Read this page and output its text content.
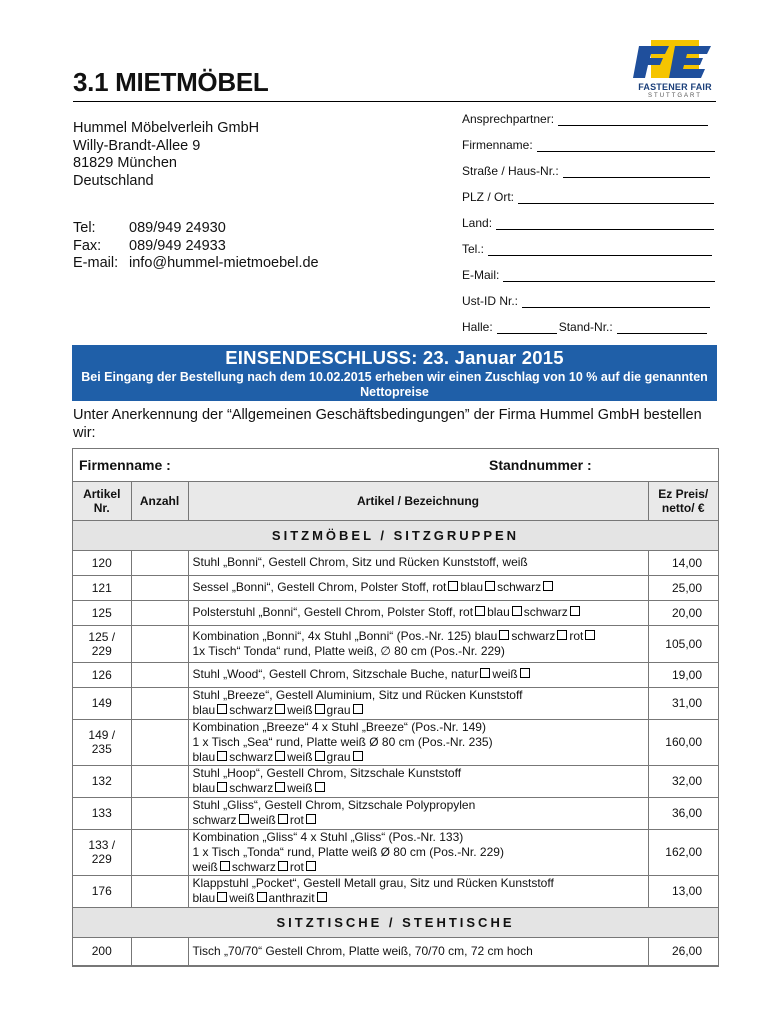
FASTENER FAIR
STUTTGART
3.1 MIETMÖBEL
Hummel Möbelverleih GmbH
Willy-Brandt-Allee 9
81829 München
Deutschland
Tel:	089/949 24930
Fax:	089/949 24933
E-mail: info@hummel-mietmoebel.de
Ansprechpartner:
Firmenname:
Straße / Haus-Nr.:
PLZ / Ort:
Land:
Tel.:
E-Mail:
Ust-ID Nr.:
Halle:	Stand-Nr.:
EINSENDESCHLUSS: 23. Januar 2015
Bei Eingang der Bestellung nach dem 10.02.2015 erheben wir einen Zuschlag von 10 % auf die genannten Nettopreise
Unter Anerkennung der “Allgemeinen Geschäftsbedingungen” der Firma Hummel GmbH bestellen wir:
Firmenname :	Standnummer :
Artikel Nr.	Anzahl	Artikel / Bezeichnung	Ez Preis/ netto/ €
SITZMÖBEL / SITZGRUPPEN			
120		Stuhl „Bonni“, Gestell Chrom, Sitz und Rücken Kunststoff, weiß	14,00
121		Sessel „Bonni“, Gestell Chrom, Polster Stoff, rot blau schwarz	25,00
125		Polsterstuhl „Bonni“, Gestell Chrom, Polster Stoff, rot blau schwarz	20,00
125 / 229		Kombination „Bonni“, 4x Stuhl „Bonni“ (Pos.-Nr. 125) blau schwarz rot
1x Tisch“ Tonda“ rund, Platte weiß, ∅ 80 cm (Pos.-Nr. 229)	105,00
126		Stuhl „Wood“, Gestell Chrom, Sitzschale Buche, natur weiß	19,00
149		Stuhl „Breeze“, Gestell Aluminium, Sitz und Rücken Kunststoff
blau schwarz weiß grau	31,00
149 / 235		Kombination „Breeze“ 4 x Stuhl „Breeze“ (Pos.-Nr. 149)
1 x Tisch „Sea“ rund, Platte weiß Ø 80 cm (Pos.-Nr. 235)
blau schwarz weiß grau	160,00
132		Stuhl „Hoop“, Gestell Chrom, Sitzschale Kunststoff
blau schwarz weiß	32,00
133		Stuhl „Gliss“, Gestell Chrom, Sitzschale Polypropylen
schwarz weiß rot	36,00
133 / 229		Kombination „Gliss“ 4 x Stuhl „Gliss“ (Pos.-Nr. 133)
1 x Tisch „Tonda“ rund, Platte weiß Ø 80 cm (Pos.-Nr. 229)
weiß schwarz rot	162,00
176		Klappstuhl „Pocket“, Gestell Metall grau, Sitz und Rücken Kunststoff
blau weiß anthrazit	13,00
SITZTISCHE / STEHTISCHE			
200		Tisch „70/70“ Gestell Chrom, Platte weiß, 70/70 cm, 72 cm hoch	26,00
